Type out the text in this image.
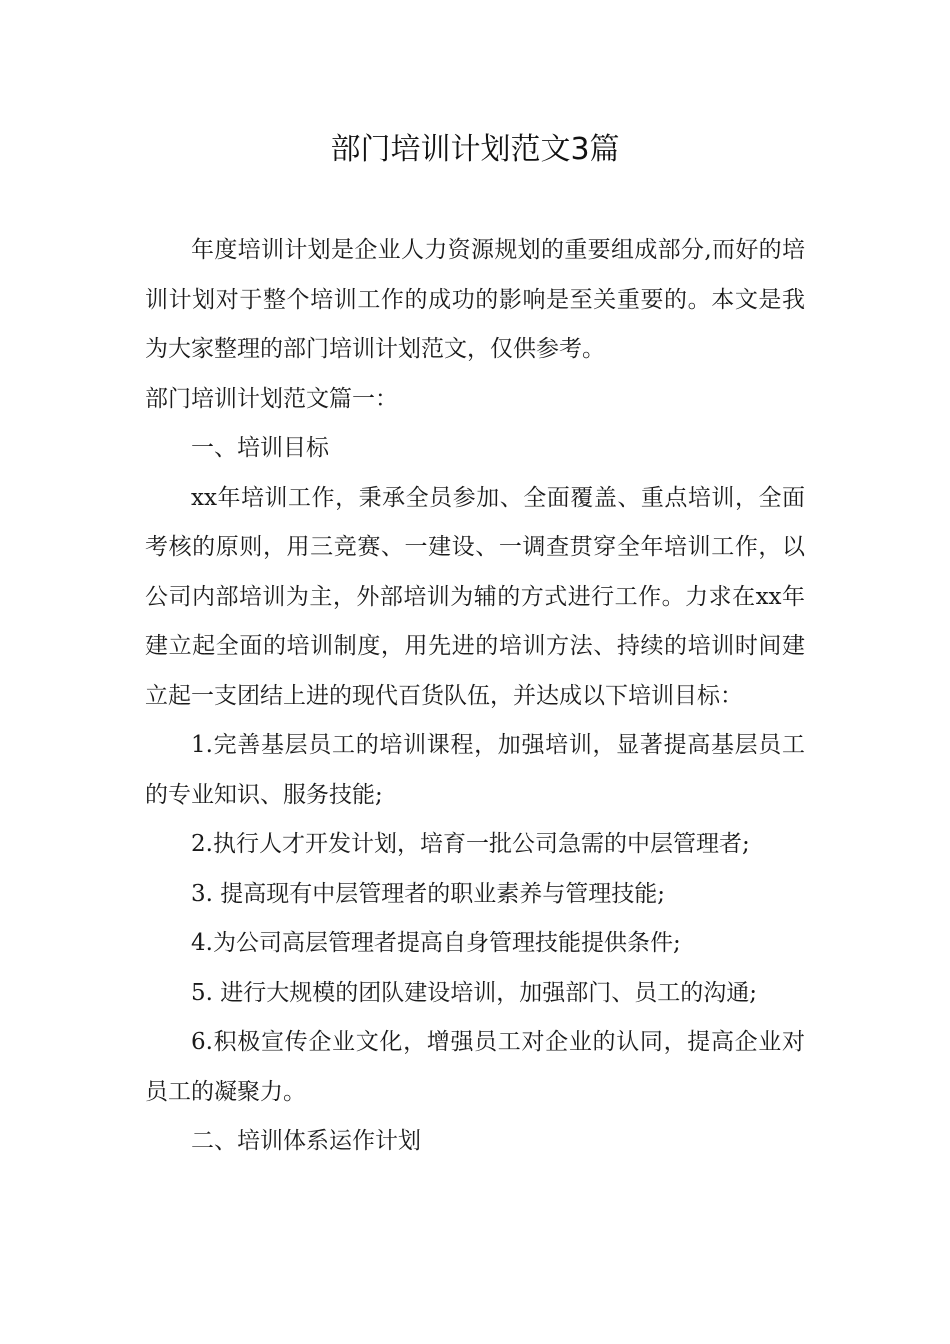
部门培训计划范文3篇

年度培训计划是企业人力资源规划的重要组成部分,而好的培训计划对于整个培训工作的成功的影响是至关重要的。本文是我为大家整理的部门培训计划范文，仅供参考。

部门培训计划范文篇一：

一、培训目标

xx年培训工作，秉承全员参加、全面覆盖、重点培训，全面考核的原则，用三竞赛、一建设、一调查贯穿全年培训工作，以公司内部培训为主，外部培训为辅的方式进行工作。力求在xx年建立起全面的培训制度，用先进的培训方法、持续的培训时间建立起一支团结上进的现代百货队伍，并达成以下培训目标：

1.完善基层员工的培训课程，加强培训，显著提高基层员工的专业知识、服务技能;

2.执行人才开发计划，培育一批公司急需的中层管理者;

3. 提高现有中层管理者的职业素养与管理技能;

4.为公司高层管理者提高自身管理技能提供条件;

5. 进行大规模的团队建设培训，加强部门、员工的沟通;

6.积极宣传企业文化，增强员工对企业的认同，提高企业对员工的凝聚力。

二、培训体系运作计划
